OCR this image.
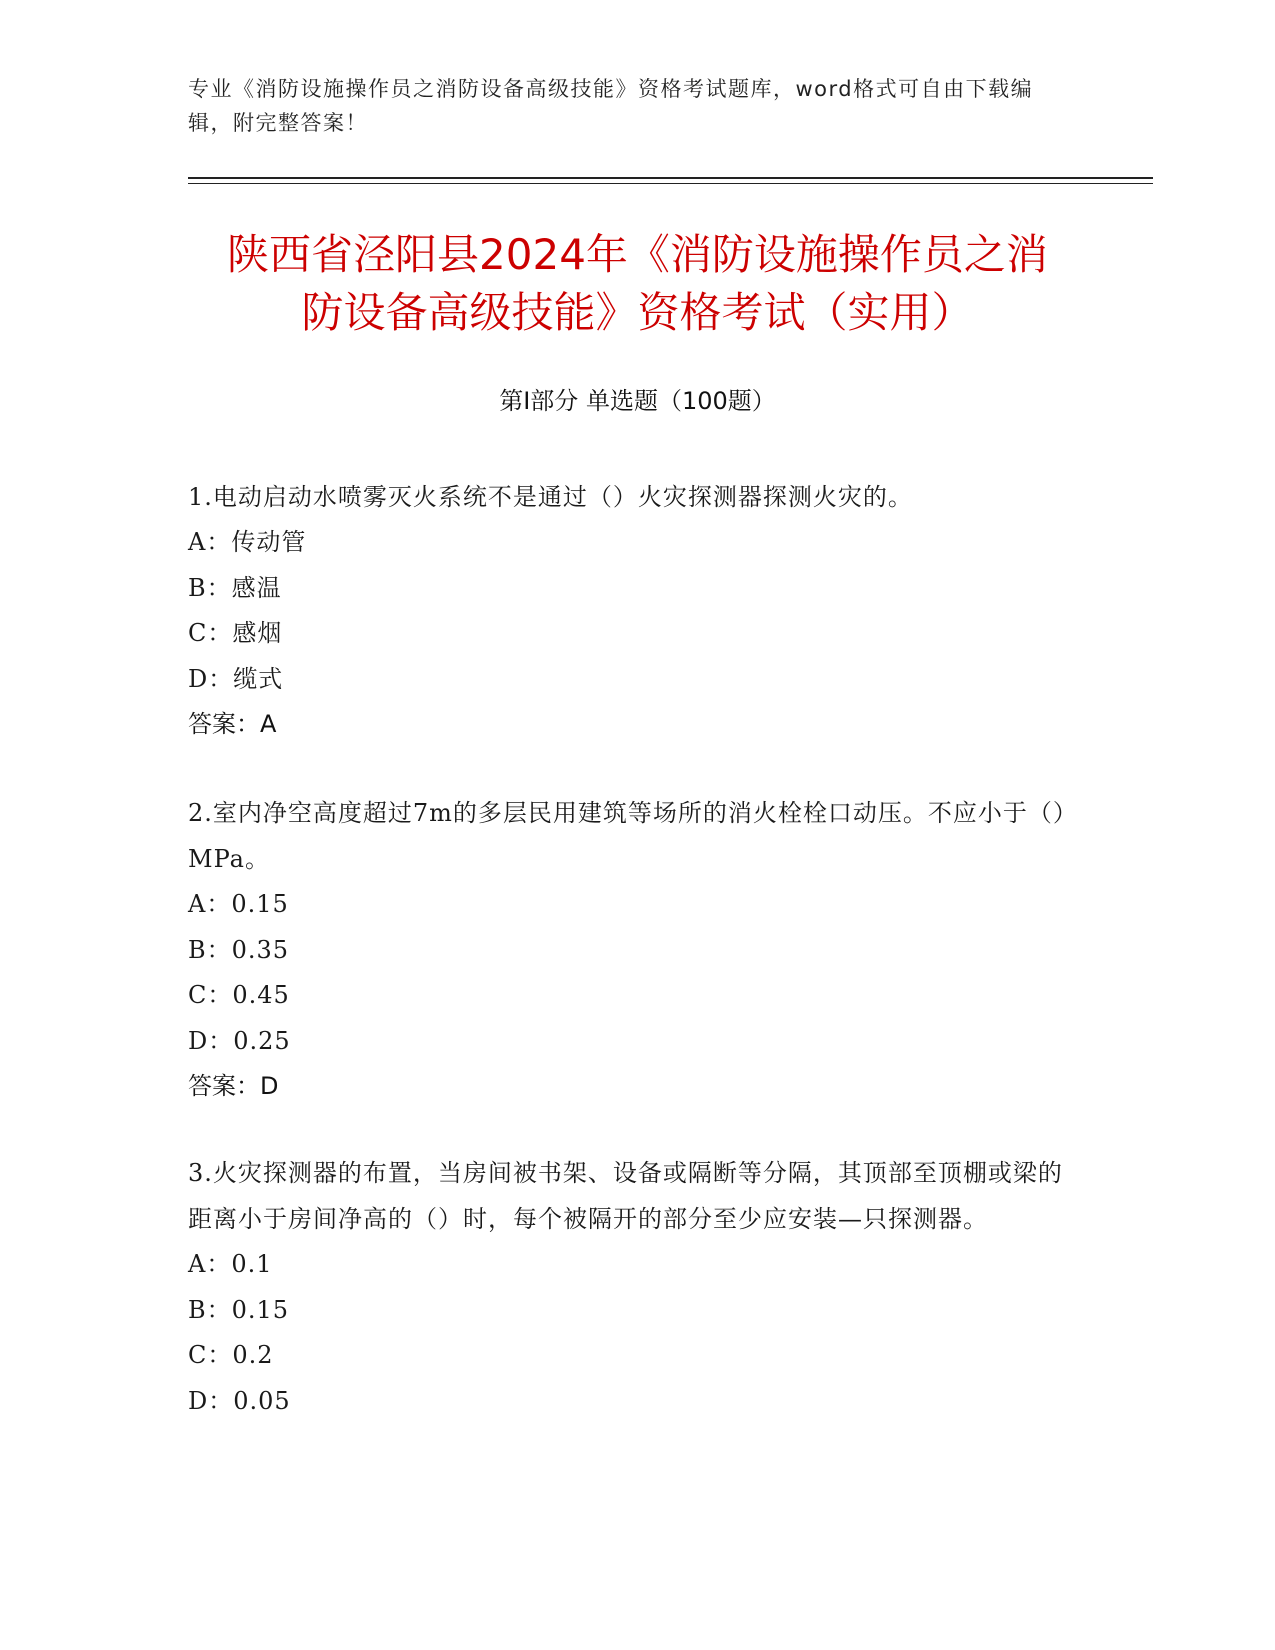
专业《消防设施操作员之消防设备高级技能》资格考试题库，word格式可自由下载编辑，附完整答案！
陕西省泾阳县2024年《消防设施操作员之消
防设备高级技能》资格考试（实用）
第I部分 单选题（100题）
1.电动启动水喷雾灭火系统不是通过（）火灾探测器探测火灾的。
A：传动管
B：感温
C：感烟
D：缆式
答案：A
2.室内净空高度超过7m的多层民用建筑等场所的消火栓栓口动压。不应小于（）MPa。
A：0.15
B：0.35
C：0.45
D：0.25
答案：D
3.火灾探测器的布置，当房间被书架、设备或隔断等分隔，其顶部至顶棚或梁的距离小于房间净高的（）时，每个被隔开的部分至少应安装—只探测器。
A：0.1
B：0.15
C：0.2
D：0.05
